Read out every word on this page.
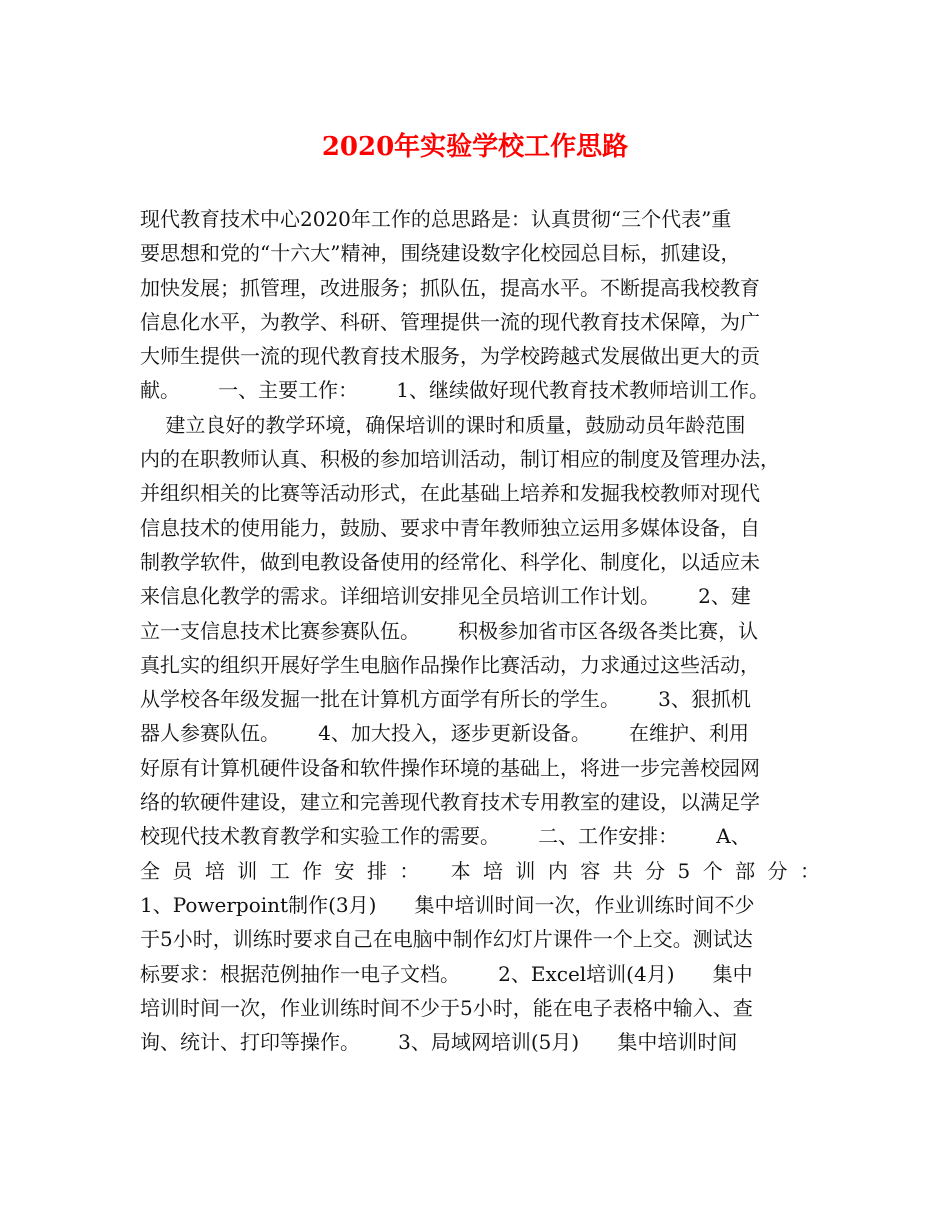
2020年实验学校工作思路
现代教育技术中心2020年工作的总思路是：认真贯彻“三个代表”重
要思想和党的“十六大”精神，围绕建设数字化校园总目标，抓建设，
加快发展；抓管理，改进服务；抓队伍，提高水平。不断提高我校教育
信息化水平，为教学、科研、管理提供一流的现代教育技术保障，为广
大师生提供一流的现代教育技术服务，为学校跨越式发展做出更大的贡
献。      一、主要工作：      1、继续做好现代教育技术教师培训工作。
建立良好的教学环境，确保培训的课时和质量，鼓励动员年龄范围
内的在职教师认真、积极的参加培训活动，制订相应的制度及管理办法，
并组织相关的比赛等活动形式，在此基础上培养和发掘我校教师对现代
信息技术的使用能力，鼓励、要求中青年教师独立运用多媒体设备，自
制教学软件，做到电教设备使用的经常化、科学化、制度化，以适应未
来信息化教学的需求。详细培训安排见全员培训工作计划。      2、建
立一支信息技术比赛参赛队伍。      积极参加省市区各级各类比赛，认
真扎实的组织开展好学生电脑作品操作比赛活动，力求通过这些活动，
从学校各年级发掘一批在计算机方面学有所长的学生。      3、狠抓机
器人参赛队伍。      4、加大投入，逐步更新设备。      在维护、利用
好原有计算机硬件设备和软件操作环境的基础上，将进一步完善校园网
络的软硬件建设，建立和完善现代教育技术专用教室的建设，以满足学
校现代技术教育教学和实验工作的需要。      二、工作安排：      A、
全 员 培 训 工 作 安 排 ：
本 培 训 内 容 共 分 5 个 部 分 ：
1、Powerpoint制作(3月)      集中培训时间一次，作业训练时间不少
于5小时，训练时要求自己在电脑中制作幻灯片课件一个上交。测试达
标要求：根据范例抽作一电子文档。      2、Excel培训(4月)      集中
培训时间一次，作业训练时间不少于5小时，能在电子表格中输入、查
询、统计、打印等操作。      3、局域网培训(5月)      集中培训时间
